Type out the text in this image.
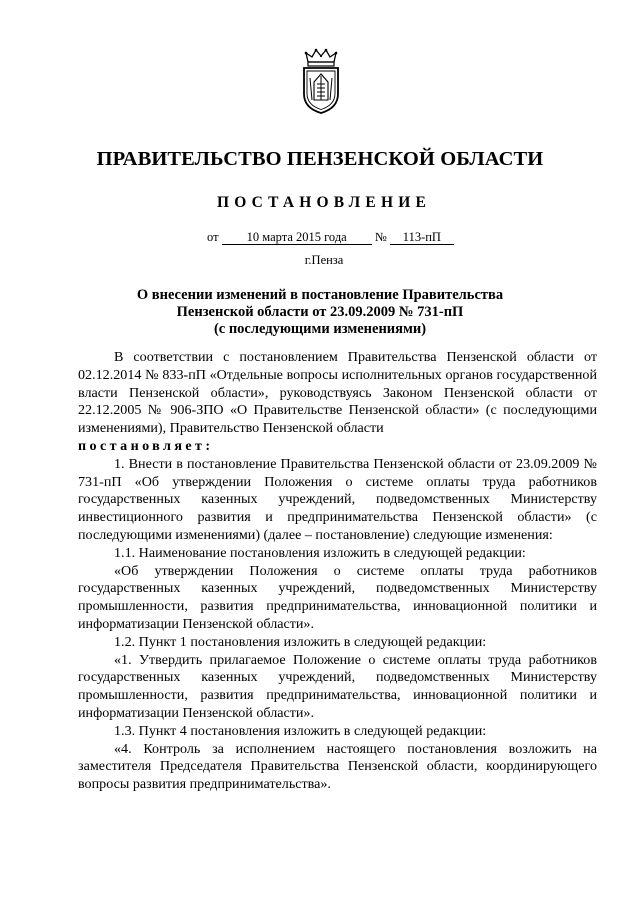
ПРАВИТЕЛЬСТВО ПЕНЗЕНСКОЙ ОБЛАСТИ
ПОСТАНОВЛЕНИЕ
от 10 марта 2015 года № 113-пП
г.Пенза
О внесении изменений в постановление Правительства
Пензенской области от 23.09.2009 № 731-пП
(с последующими изменениями)

В соответствии с постановлением Правительства Пензенской области от 02.12.2014 № 833-пП «Отдельные вопросы исполнительных органов государственной власти Пензенской области», руководствуясь Законом Пензенской области от 22.12.2005 № 906-ЗПО «О Правительстве Пензенской области» (с последующими изменениями), Правительство Пензенской области

постановляет:

1. Внести в постановление Правительства Пензенской области от 23.09.2009 № 731-пП «Об утверждении Положения о системе оплаты труда работников государственных казенных учреждений, подведомственных Министерству инвестиционного развития и предпринимательства Пензенской области» (с последующими изменениями) (далее – постановление) следующие изменения:

1.1. Наименование постановления изложить в следующей редакции:

«Об утверждении Положения о системе оплаты труда работников государственных казенных учреждений, подведомственных Министерству промышленности, развития предпринимательства, инновационной политики и информатизации Пензенской области».

1.2. Пункт 1 постановления изложить в следующей редакции:

«1. Утвердить прилагаемое Положение о системе оплаты труда работников государственных казенных учреждений, подведомственных Министерству промышленности, развития предпринимательства, инновационной политики и информатизации Пензенской области».

1.3. Пункт 4 постановления изложить в следующей редакции:

«4. Контроль за исполнением настоящего постановления возложить на заместителя Председателя Правительства Пензенской области, координирующего вопросы развития предпринимательства».
